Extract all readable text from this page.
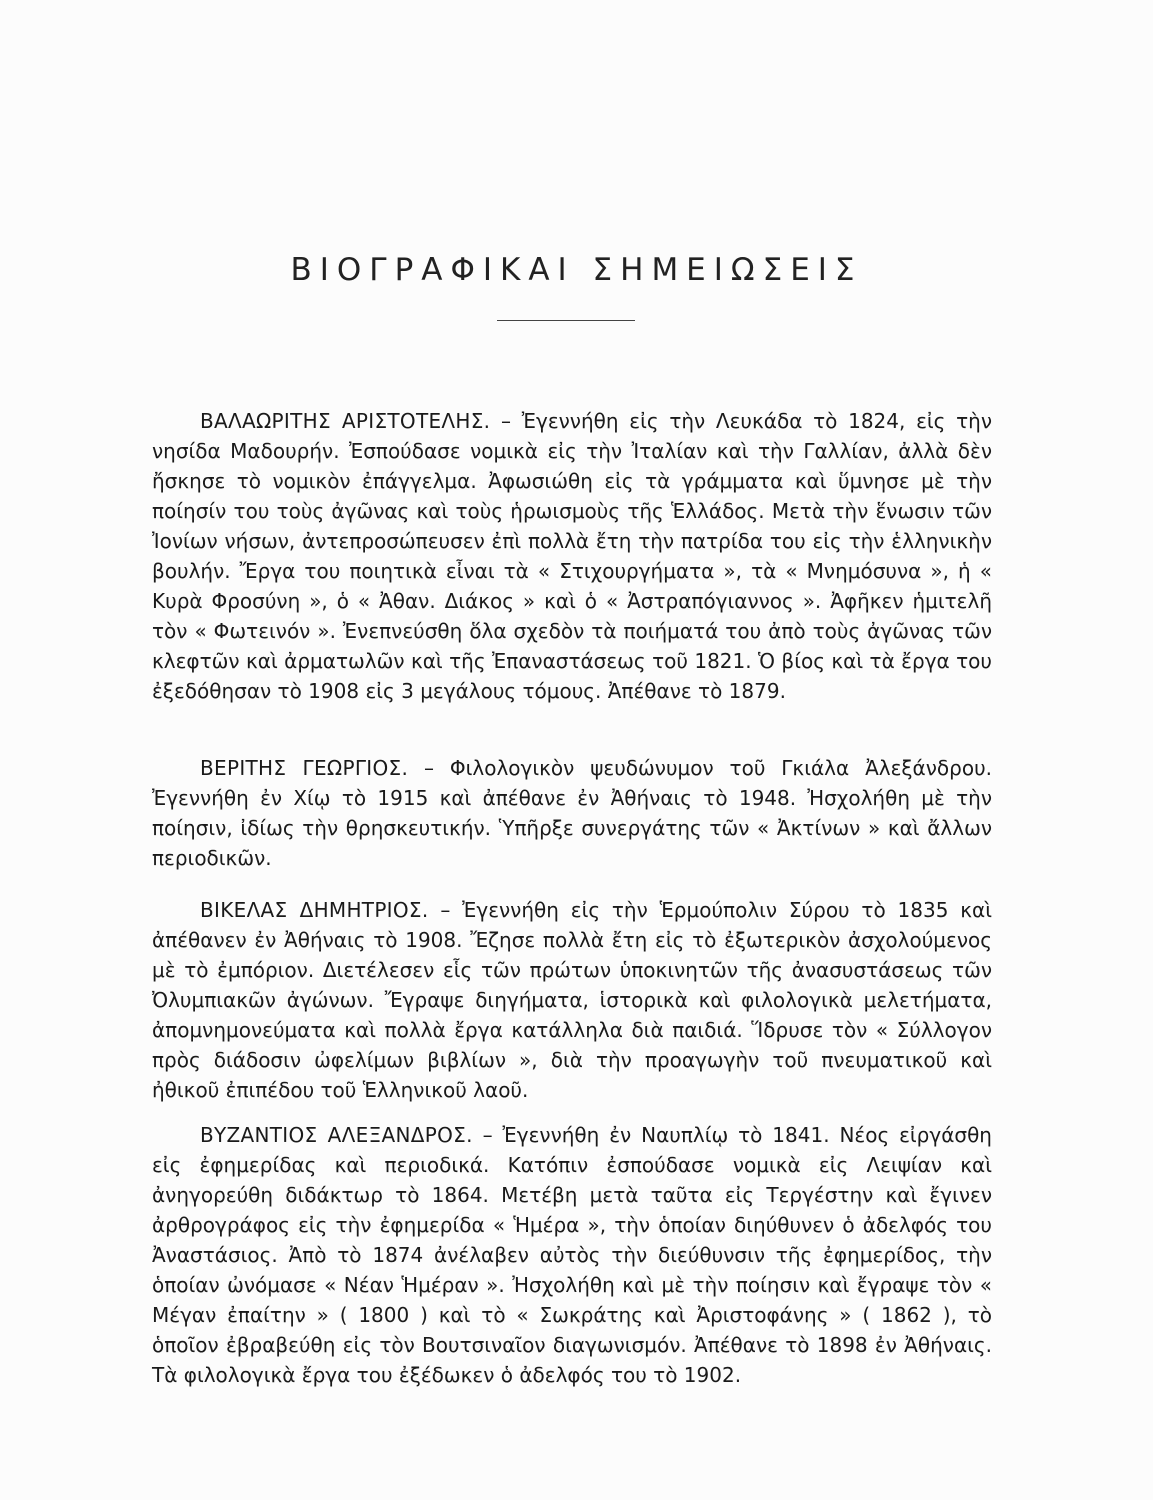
ΒΙΟΓΡΑΦΙΚΑΙ ΣΗΜΕΙΩΣΕΙΣ

ΒΑΛΑΩΡΙΤΗΣ ΑΡΙΣΤΟΤΕΛΗΣ. – Ἐγεννήθη εἰς τὴν Λευκάδα τὸ 1824, εἰς τὴν νησίδα Μαδουρήν. Ἐσπούδασε νομικὰ εἰς τὴν Ἰταλίαν καὶ τὴν Γαλλίαν, ἀλλὰ δὲν ἤσκησε τὸ νομικὸν ἐπάγγελμα. Ἀφωσιώθη εἰς τὰ γράμματα καὶ ὕμνησε μὲ τὴν ποίησίν του τοὺς ἀγῶνας καὶ τοὺς ἡρωισμοὺς τῆς Ἑλλάδος. Μετὰ τὴν ἕνωσιν τῶν Ἰονίων νήσων, ἀντεπροσώπευσεν ἐπὶ πολλὰ ἔτη τὴν πατρίδα του εἰς τὴν ἑλληνικὴν βουλήν. Ἔργα του ποιητικὰ εἶναι τὰ « Στιχουργήματα », τὰ « Μνημόσυνα », ἡ « Κυρὰ Φροσύνη », ὁ « Ἀθαν. Διάκος » καὶ ὁ « Ἀστραπόγιαννος ». Ἀφῆκεν ἡμιτελῆ τὸν « Φωτεινόν ». Ἐνεπνεύσθη ὅλα σχεδὸν τὰ ποιήματά του ἀπὸ τοὺς ἀγῶνας τῶν κλεφτῶν καὶ ἀρματωλῶν καὶ τῆς Ἐπαναστάσεως τοῦ 1821. Ὁ βίος καὶ τὰ ἔργα του ἐξεδόθησαν τὸ 1908 εἰς 3 μεγάλους τόμους. Ἀπέθανε τὸ 1879.

ΒΕΡΙΤΗΣ ΓΕΩΡΓΙΟΣ. – Φιλολογικὸν ψευδώνυμον τοῦ Γκιάλα Ἀλεξάνδρου. Ἐγεννήθη ἐν Χίῳ τὸ 1915 καὶ ἀπέθανε ἐν Ἀθήναις τὸ 1948. Ἠσχολήθη μὲ τὴν ποίησιν, ἰδίως τὴν θρησκευτικήν. Ὑπῆρξε συνεργάτης τῶν « Ἀκτίνων » καὶ ἄλλων περιοδικῶν.

ΒΙΚΕΛΑΣ ΔΗΜΗΤΡΙΟΣ. – Ἐγεννήθη εἰς τὴν Ἑρμούπολιν Σύρου τὸ 1835 καὶ ἀπέθανεν ἐν Ἀθήναις τὸ 1908. Ἔζησε πολλὰ ἔτη εἰς τὸ ἐξωτερικὸν ἀσχολούμενος μὲ τὸ ἐμπόριον. Διετέλεσεν εἷς τῶν πρώτων ὑποκινητῶν τῆς ἀνασυστάσεως τῶν Ὀλυμπιακῶν ἀγώνων. Ἔγραψε διηγήματα, ἱστορικὰ καὶ φιλολογικὰ μελετήματα, ἀπομνημονεύματα καὶ πολλὰ ἔργα κατάλληλα διὰ παιδιά. Ἵδρυσε τὸν « Σύλλογον πρὸς διάδοσιν ὠφελίμων βιβλίων », διὰ τὴν προαγωγὴν τοῦ πνευματικοῦ καὶ ἠθικοῦ ἐπιπέδου τοῦ Ἑλληνικοῦ λαοῦ.

ΒΥΖΑΝΤΙΟΣ ΑΛΕΞΑΝΔΡΟΣ. – Ἐγεννήθη ἐν Ναυπλίῳ τὸ 1841. Νέος εἰργάσθη εἰς ἐφημερίδας καὶ περιοδικά. Κατόπιν ἐσπούδασε νομικὰ εἰς Λειψίαν καὶ ἀνηγορεύθη διδάκτωρ τὸ 1864. Μετέβη μετὰ ταῦτα εἰς Τεργέστην καὶ ἔγινεν ἀρθρογράφος εἰς τὴν ἐφημερίδα « Ἡμέρα », τὴν ὁποίαν διηύθυνεν ὁ ἀδελφός του Ἀναστάσιος. Ἀπὸ τὸ 1874 ἀνέλαβεν αὐτὸς τὴν διεύθυνσιν τῆς ἐφημερίδος, τὴν ὁποίαν ὠνόμασε « Νέαν Ἡμέραν ». Ἠσχολήθη καὶ μὲ τὴν ποίησιν καὶ ἔγραψε τὸν « Μέγαν ἐπαίτην » ( 1800 ) καὶ τὸ « Σωκράτης καὶ Ἀριστοφάνης » ( 1862 ), τὸ ὁποῖον ἐβραβεύθη εἰς τὸν Βουτσιναῖον διαγωνισμόν. Ἀπέθανε τὸ 1898 ἐν Ἀθήναις. Τὰ φιλολογικὰ ἔργα του ἐξέδωκεν ὁ ἀδελφός του τὸ 1902.
